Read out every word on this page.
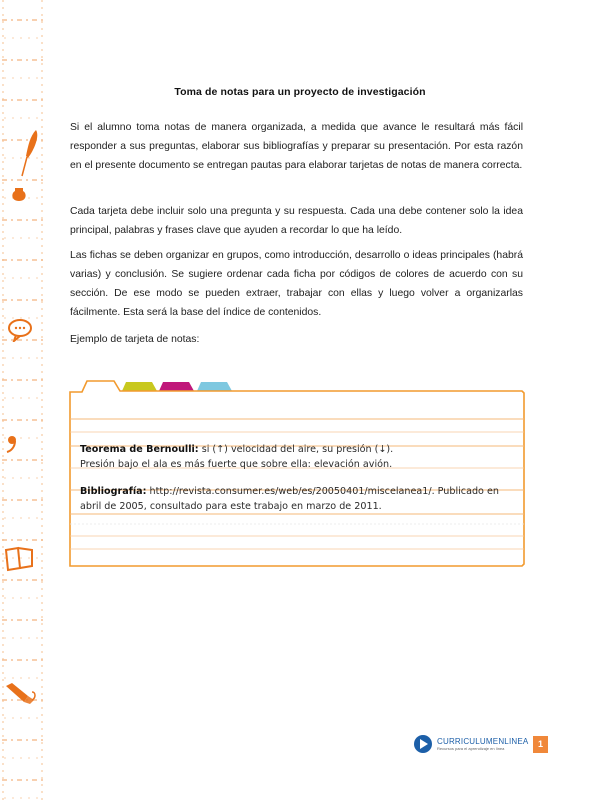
Toma de notas para un proyecto de investigación

Si el alumno toma notas de manera organizada, a medida que avance le resultará más fácil responder a sus preguntas, elaborar sus bibliografías y preparar su presentación. Por esta razón en el presente documento se entregan pautas para elaborar tarjetas de notas de manera correcta.

Cada tarjeta debe incluir solo una pregunta y su respuesta. Cada una debe contener solo la idea principal, palabras y frases clave que ayuden a recordar lo que ha leído.

Las fichas se deben organizar en grupos, como introducción, desarrollo o ideas principales (habrá varias) y conclusión. Se sugiere ordenar cada ficha por códigos de colores de acuerdo con su sección. De ese modo se pueden extraer, trabajar con ellas y luego volver a organizarlas fácilmente. Esta será la base del índice de contenidos.

Ejemplo de tarjeta de notas:
Teorema de Bernoulli: si (↑) velocidad del aire, su presión (↓).
Presión bajo el ala es más fuerte que sobre ella: elevación avión.
Bibliografía: http://revista.consumer.es/web/es/20050401/miscelanea1/. Publicado en abril de 2005, consultado para este trabajo en marzo de 2011.
CURRICULUMENLINEA
Recursos para el aprendizaje en línea	1
